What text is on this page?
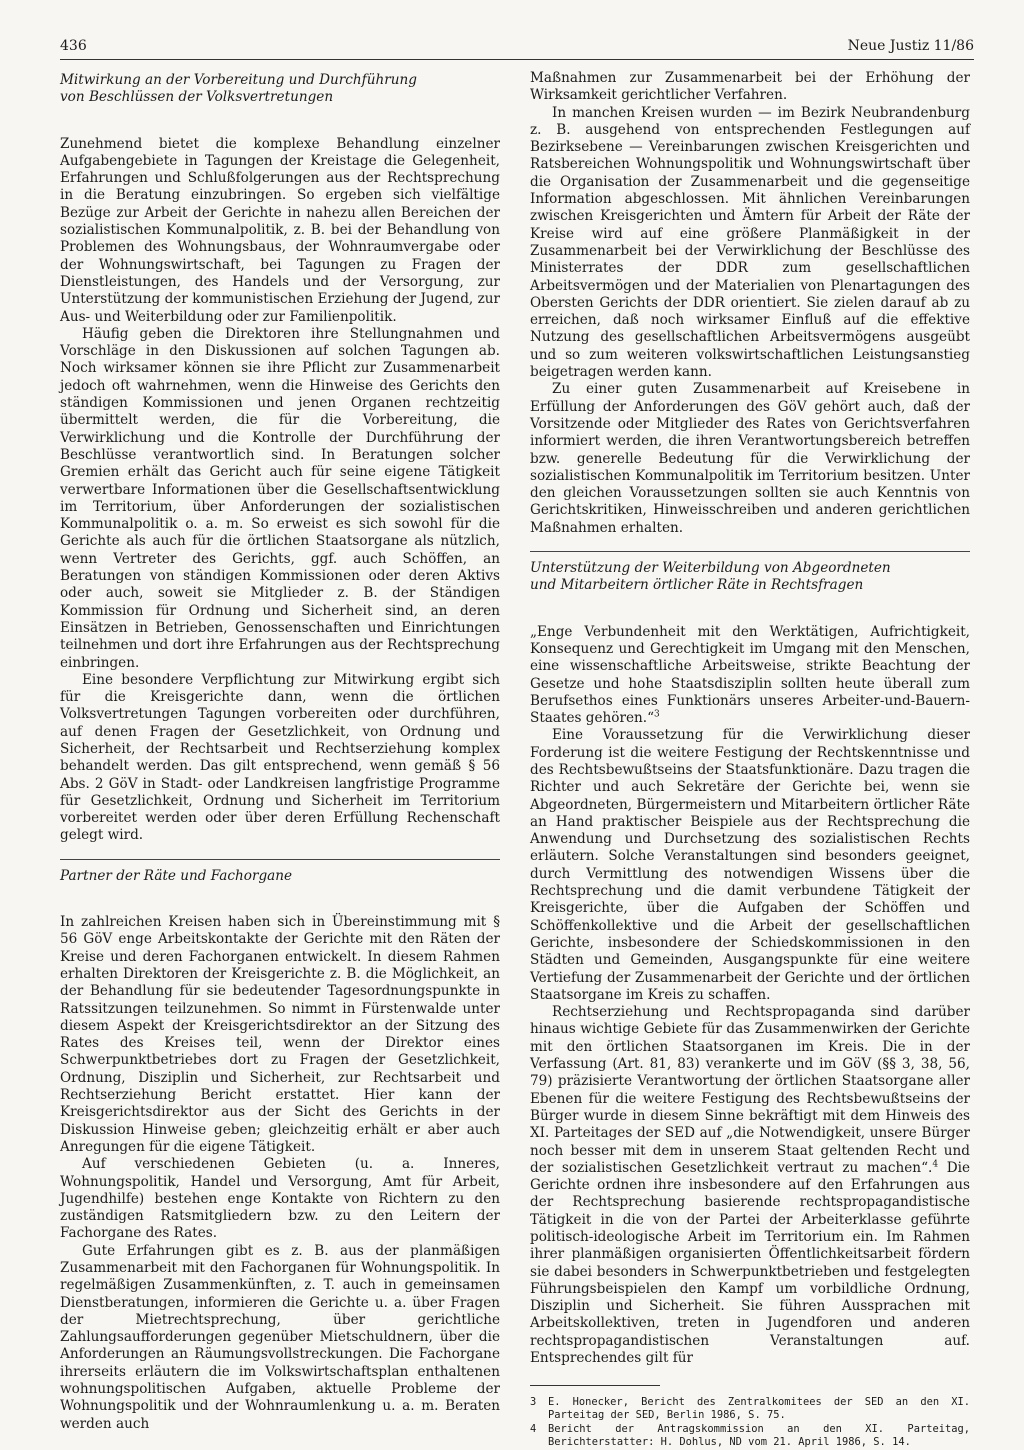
436	Neue Justiz 11/86
Mitwirkung an der Vorbereitung und Durchführung
von Beschlüssen der Volksvertretungen

Zunehmend bietet die komplexe Behandlung einzelner Aufgabengebiete in Tagungen der Kreistage die Gelegenheit, Erfahrungen und Schlußfolgerungen aus der Rechtsprechung in die Beratung einzubringen. So ergeben sich vielfältige Bezüge zur Arbeit der Gerichte in nahezu allen Bereichen der sozialistischen Kommunalpolitik, z. B. bei der Behandlung von Problemen des Wohnungsbaus, der Wohnraumvergabe oder der Wohnungswirtschaft, bei Tagungen zu Fragen der Dienstleistungen, des Handels und der Versorgung, zur Unterstützung der kommunistischen Erziehung der Jugend, zur Aus- und Weiterbildung oder zur Familienpolitik.

Häufig geben die Direktoren ihre Stellungnahmen und Vorschläge in den Diskussionen auf solchen Tagungen ab. Noch wirksamer können sie ihre Pflicht zur Zusammenarbeit jedoch oft wahrnehmen, wenn die Hinweise des Gerichts den ständigen Kommissionen und jenen Organen rechtzeitig übermittelt werden, die für die Vorbereitung, die Verwirklichung und die Kontrolle der Durchführung der Beschlüsse verantwortlich sind. In Beratungen solcher Gremien erhält das Gericht auch für seine eigene Tätigkeit verwertbare Informationen über die Gesellschaftsentwicklung im Territorium, über Anforderungen der sozialistischen Kommunalpolitik o. a. m. So erweist es sich sowohl für die Gerichte als auch für die örtlichen Staatsorgane als nützlich, wenn Vertreter des Gerichts, ggf. auch Schöffen, an Beratungen von ständigen Kommissionen oder deren Aktivs oder auch, soweit sie Mitglieder z. B. der Ständigen Kommission für Ordnung und Sicherheit sind, an deren Einsätzen in Betrieben, Genossenschaften und Einrichtungen teilnehmen und dort ihre Erfahrungen aus der Rechtsprechung einbringen.

Eine besondere Verpflichtung zur Mitwirkung ergibt sich für die Kreisgerichte dann, wenn die örtlichen Volksvertretungen Tagungen vorbereiten oder durchführen, auf denen Fragen der Gesetzlichkeit, von Ordnung und Sicherheit, der Rechtsarbeit und Rechtserziehung komplex behandelt werden. Das gilt entsprechend, wenn gemäß § 56 Abs. 2 GöV in Stadt- oder Landkreisen langfristige Programme für Gesetzlichkeit, Ordnung und Sicherheit im Territorium vorbereitet werden oder über deren Erfüllung Rechenschaft gelegt wird.

Partner der Räte und Fachorgane

In zahlreichen Kreisen haben sich in Übereinstimmung mit § 56 GöV enge Arbeitskontakte der Gerichte mit den Räten der Kreise und deren Fachorganen entwickelt. In diesem Rahmen erhalten Direktoren der Kreisgerichte z. B. die Möglichkeit, an der Behandlung für sie bedeutender Tagesordnungspunkte in Ratssitzungen teilzunehmen. So nimmt in Fürstenwalde unter diesem Aspekt der Kreisgerichtsdirektor an der Sitzung des Rates des Kreises teil, wenn der Direktor eines Schwerpunktbetriebes dort zu Fragen der Gesetzlichkeit, Ordnung, Disziplin und Sicherheit, zur Rechtsarbeit und Rechtserziehung Bericht erstattet. Hier kann der Kreisgerichtsdirektor aus der Sicht des Gerichts in der Diskussion Hinweise geben; gleichzeitig erhält er aber auch Anregungen für die eigene Tätigkeit.

Auf verschiedenen Gebieten (u. a. Inneres, Wohnungspolitik, Handel und Versorgung, Amt für Arbeit, Jugendhilfe) bestehen enge Kontakte von Richtern zu den zuständigen Ratsmitgliedern bzw. zu den Leitern der Fachorgane des Rates.

Gute Erfahrungen gibt es z. B. aus der planmäßigen Zusammenarbeit mit den Fachorganen für Wohnungspolitik. In regelmäßigen Zusammenkünften, z. T. auch in gemeinsamen Dienstberatungen, informieren die Gerichte u. a. über Fragen der Mietrechtsprechung, über gerichtliche Zahlungsaufforderungen gegenüber Mietschuldnern, über die Anforderungen an Räumungsvollstreckungen. Die Fachorgane ihrerseits erläutern die im Volkswirtschaftsplan enthaltenen wohnungspolitischen Aufgaben, aktuelle Probleme der Wohnungspolitik und der Wohnraumlenkung u. a. m. Beraten werden auch

Maßnahmen zur Zusammenarbeit bei der Erhöhung der Wirksamkeit gerichtlicher Verfahren.

In manchen Kreisen wurden — im Bezirk Neubrandenburg z. B. ausgehend von entsprechenden Festlegungen auf Bezirksebene — Vereinbarungen zwischen Kreisgerichten und Ratsbereichen Wohnungspolitik und Wohnungswirtschaft über die Organisation der Zusammenarbeit und die gegenseitige Information abgeschlossen. Mit ähnlichen Vereinbarungen zwischen Kreisgerichten und Ämtern für Arbeit der Räte der Kreise wird auf eine größere Planmäßigkeit in der Zusammenarbeit bei der Verwirklichung der Beschlüsse des Ministerrates der DDR zum gesellschaftlichen Arbeitsvermögen und der Materialien von Plenartagungen des Obersten Gerichts der DDR orientiert. Sie zielen darauf ab zu erreichen, daß noch wirksamer Einfluß auf die effektive Nutzung des gesellschaftlichen Arbeitsvermögens ausgeübt und so zum weiteren volkswirtschaftlichen Leistungsanstieg beigetragen werden kann.

Zu einer guten Zusammenarbeit auf Kreisebene in Erfüllung der Anforderungen des GöV gehört auch, daß der Vorsitzende oder Mitglieder des Rates von Gerichtsverfahren informiert werden, die ihren Verantwortungsbereich betreffen bzw. generelle Bedeutung für die Verwirklichung der sozialistischen Kommunalpolitik im Territorium besitzen. Unter den gleichen Voraussetzungen sollten sie auch Kenntnis von Gerichtskritiken, Hinweisschreiben und anderen gerichtlichen Maßnahmen erhalten.

Unterstützung der Weiterbildung von Abgeordneten
und Mitarbeitern örtlicher Räte in Rechtsfragen

„Enge Verbundenheit mit den Werktätigen, Aufrichtigkeit, Konsequenz und Gerechtigkeit im Umgang mit den Menschen, eine wissenschaftliche Arbeitsweise, strikte Beachtung der Gesetze und hohe Staatsdisziplin sollten heute überall zum Berufsethos eines Funktionärs unseres Arbeiter-und-Bauern-Staates gehören.“$^3$

Eine Voraussetzung für die Verwirklichung dieser Forderung ist die weitere Festigung der Rechtskenntnisse und des Rechtsbewußtseins der Staatsfunktionäre. Dazu tragen die Richter und auch Sekretäre der Gerichte bei, wenn sie Abgeordneten, Bürgermeistern und Mitarbeitern örtlicher Räte an Hand praktischer Beispiele aus der Rechtsprechung die Anwendung und Durchsetzung des sozialistischen Rechts erläutern. Solche Veranstaltungen sind besonders geeignet, durch Vermittlung des notwendigen Wissens über die Rechtsprechung und die damit verbundene Tätigkeit der Kreisgerichte, über die Aufgaben der Schöffen und Schöffenkollektive und die Arbeit der gesellschaftlichen Gerichte, insbesondere der Schiedskommissionen in den Städten und Gemeinden, Ausgangspunkte für eine weitere Vertiefung der Zusammenarbeit der Gerichte und der örtlichen Staatsorgane im Kreis zu schaffen.

Rechtserziehung und Rechtspropaganda sind darüber hinaus wichtige Gebiete für das Zusammenwirken der Gerichte mit den örtlichen Staatsorganen im Kreis. Die in der Verfassung (Art. 81, 83) verankerte und im GöV (§§ 3, 38, 56, 79) präzisierte Verantwortung der örtlichen Staatsorgane aller Ebenen für die weitere Festigung des Rechtsbewußtseins der Bürger wurde in diesem Sinne bekräftigt mit dem Hinweis des XI. Parteitages der SED auf „die Notwendigkeit, unsere Bürger noch besser mit dem in unserem Staat geltenden Recht und der sozialistischen Gesetzlichkeit vertraut zu machen“.$^4$ Die Gerichte ordnen ihre insbesondere auf den Erfahrungen aus der Rechtsprechung basierende rechtspropagandistische Tätigkeit in die von der Partei der Arbeiterklasse geführte politisch-ideologische Arbeit im Territorium ein. Im Rahmen ihrer planmäßigen organisierten Öffentlichkeitsarbeit fördern sie dabei besonders in Schwerpunktbetrieben und festgelegten Führungsbeispielen den Kampf um vorbildliche Ordnung, Disziplin und Sicherheit. Sie führen Aussprachen mit Arbeitskollektiven, treten in Jugendforen und anderen rechtspropagandistischen Veranstaltungen auf. Entsprechendes gilt für

3	E. Honecker, Bericht des Zentralkomitees der SED an den XI. Parteitag der SED, Berlin 1986, S. 75.
4	Bericht der Antragskommission an den XI. Parteitag, Berichterstatter: H. Dohlus, ND vom 21. April 1986, S. 14.
